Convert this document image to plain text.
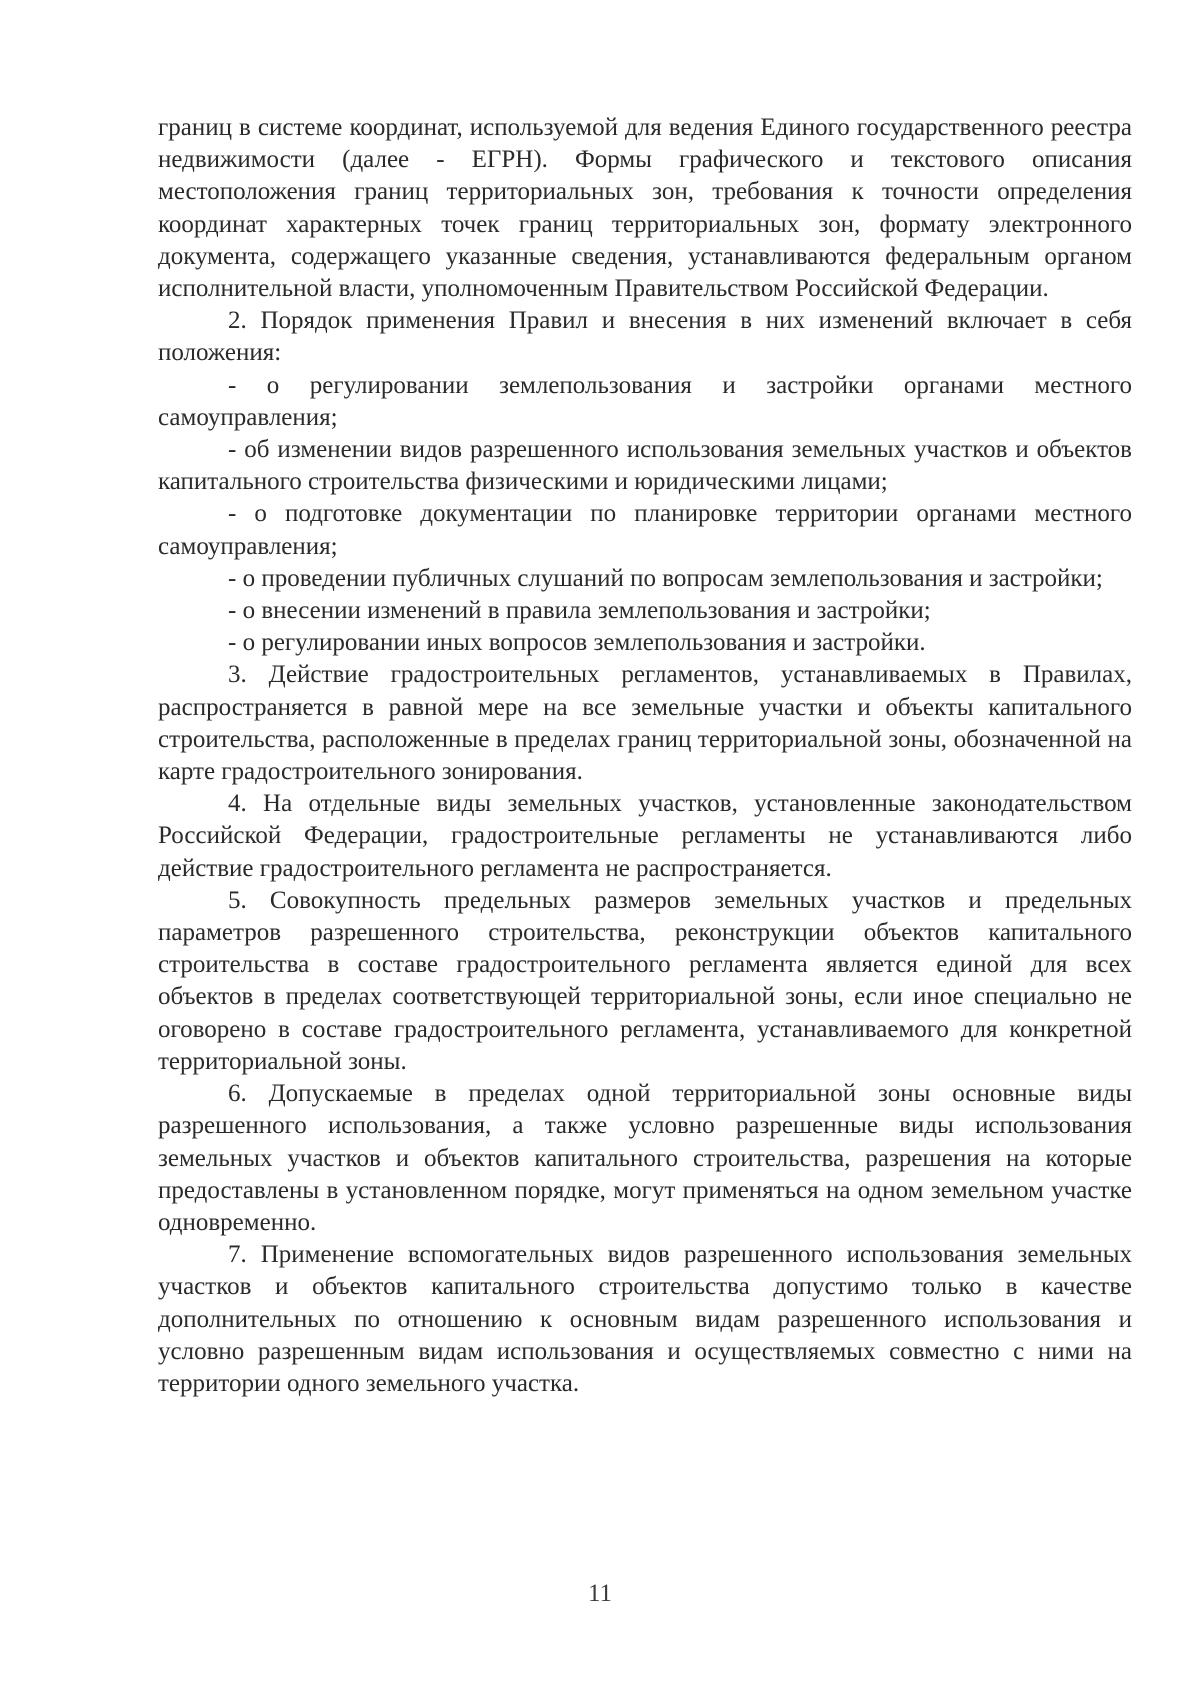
границ в системе координат, используемой для ведения Единого государственного реестра недвижимости (далее - ЕГРН). Формы графического и текстового описания местоположения границ территориальных зон, требования к точности определения координат характерных точек границ территориальных зон, формату электронного документа, содержащего указанные сведения, устанавливаются федеральным органом исполнительной власти, уполномоченным Правительством Российской Федерации.

2. Порядок применения Правил и внесения в них изменений включает в себя положения:

- о регулировании землепользования и застройки органами местного самоуправления;

- об изменении видов разрешенного использования земельных участков и объектов капитального строительства физическими и юридическими лицами;

- о подготовке документации по планировке территории органами местного самоуправления;

- о проведении публичных слушаний по вопросам землепользования и застройки;

- о внесении изменений в правила землепользования и застройки;

- о регулировании иных вопросов землепользования и застройки.

3. Действие градостроительных регламентов, устанавливаемых в Правилах, распространяется в равной мере на все земельные участки и объекты капитального строительства, расположенные в пределах границ территориальной зоны, обозначенной на карте градостроительного зонирования.

4. На отдельные виды земельных участков, установленные законодательством Российской Федерации, градостроительные регламенты не устанавливаются либо действие градостроительного регламента не распространяется.

5. Совокупность предельных размеров земельных участков и предельных параметров разрешенного строительства, реконструкции объектов капитального строительства в составе градостроительного регламента является единой для всех объектов в пределах соответствующей территориальной зоны, если иное специально не оговорено в составе градостроительного регламента, устанавливаемого для конкретной территориальной зоны.

6. Допускаемые в пределах одной территориальной зоны основные виды разрешенного использования, а также условно разрешенные виды использования земельных участков и объектов капитального строительства, разрешения на которые предоставлены в установленном порядке, могут применяться на одном земельном участке одновременно.

7. Применение вспомогательных видов разрешенного использования земельных участков и объектов капитального строительства допустимо только в качестве дополнительных по отношению к основным видам разрешенного использования и условно разрешенным видам использования и осуществляемых совместно с ними на территории одного земельного участка.

11
